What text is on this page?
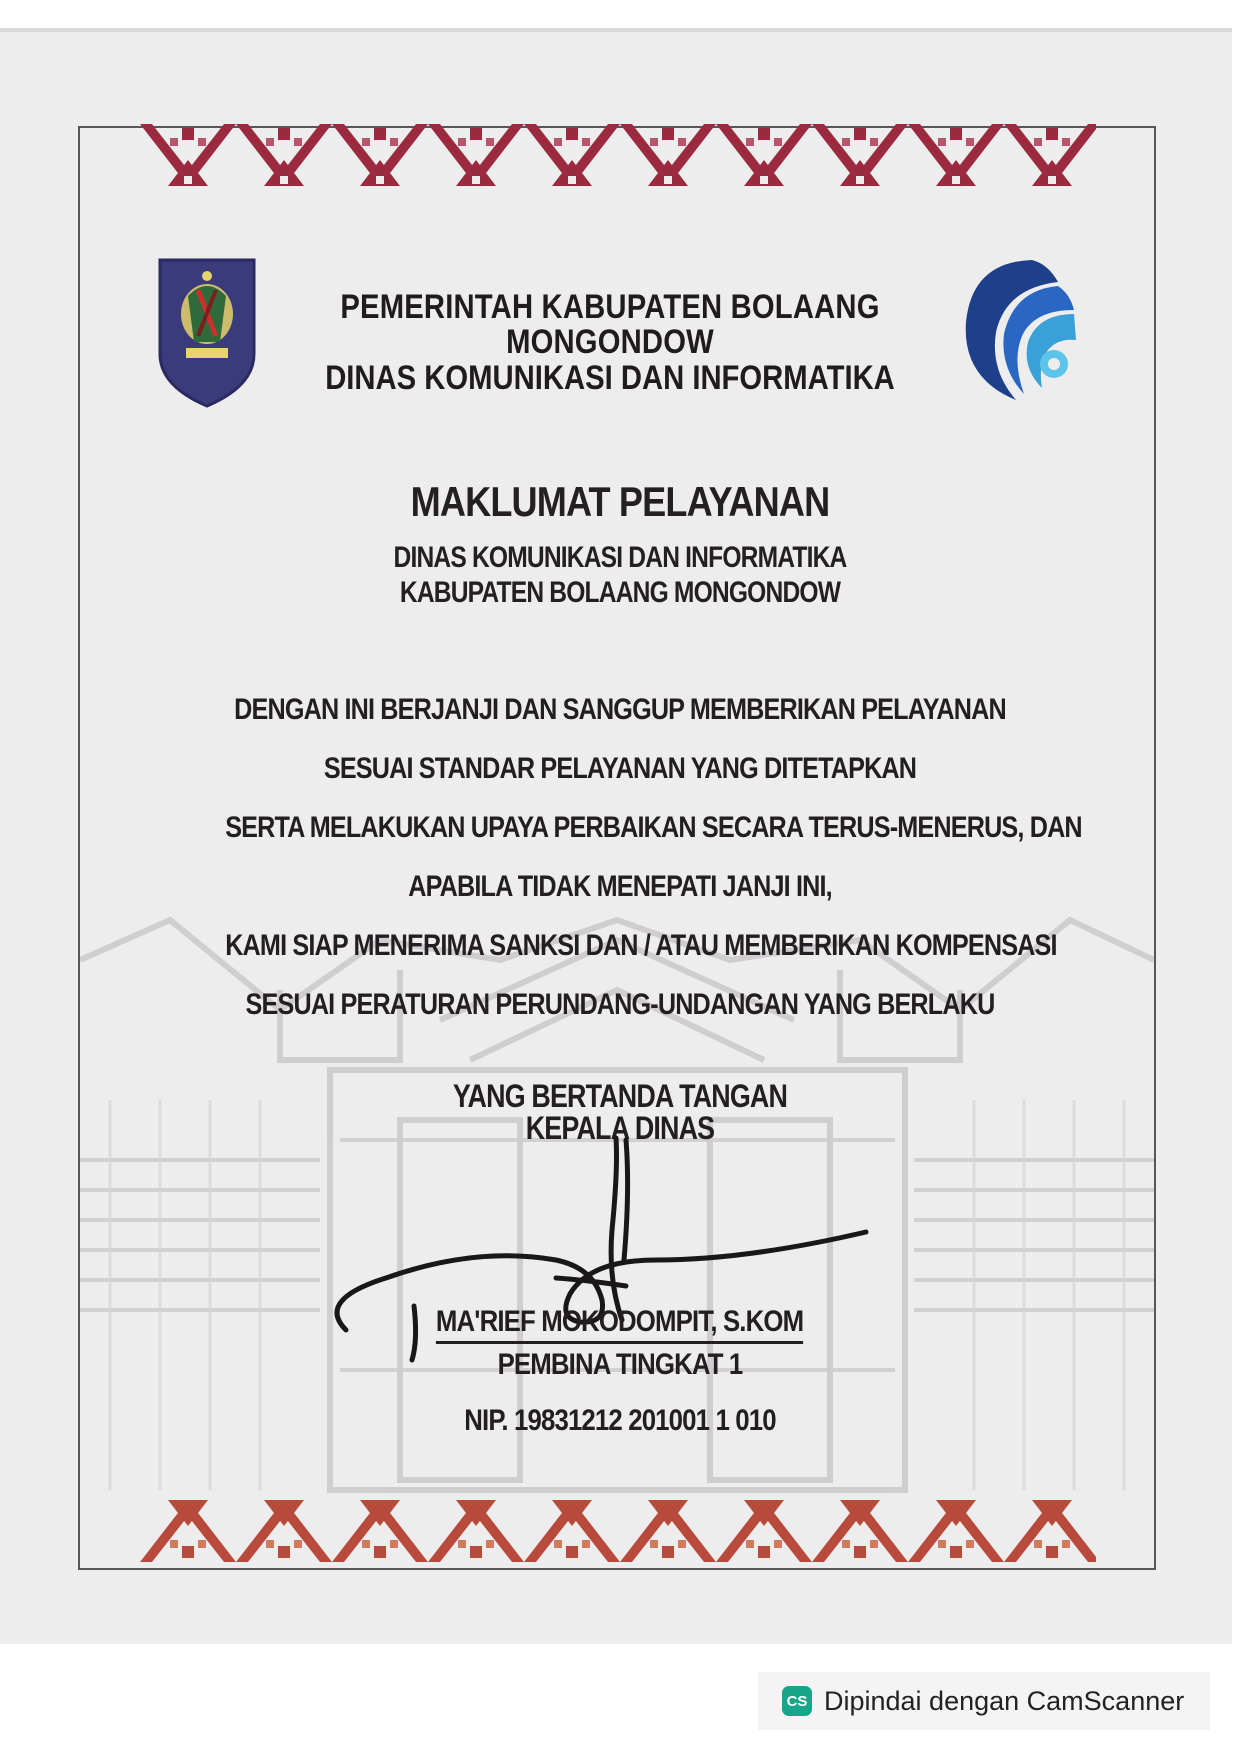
PEMERINTAH KABUPATEN BOLAANG MONGONDOW
DINAS KOMUNIKASI DAN INFORMATIKA
MAKLUMAT PELAYANAN
DINAS KOMUNIKASI DAN INFORMATIKA
KABUPATEN BOLAANG MONGONDOW
DENGAN INI BERJANJI DAN SANGGUP MEMBERIKAN PELAYANAN
SESUAI STANDAR PELAYANAN YANG DITETAPKAN
SERTA MELAKUKAN UPAYA PERBAIKAN SECARA TERUS-MENERUS, DAN
APABILA TIDAK MENEPATI JANJI INI,
KAMI SIAP MENERIMA SANKSI DAN / ATAU MEMBERIKAN KOMPENSASI
SESUAI PERATURAN PERUNDANG-UNDANGAN YANG BERLAKU
YANG BERTANDA TANGAN
KEPALA DINAS
MA'RIEF MOKODOMPIT, S.KOM
PEMBINA TINGKAT 1
NIP. 19831212 201001 1 010
CS Dipindai dengan CamScanner
